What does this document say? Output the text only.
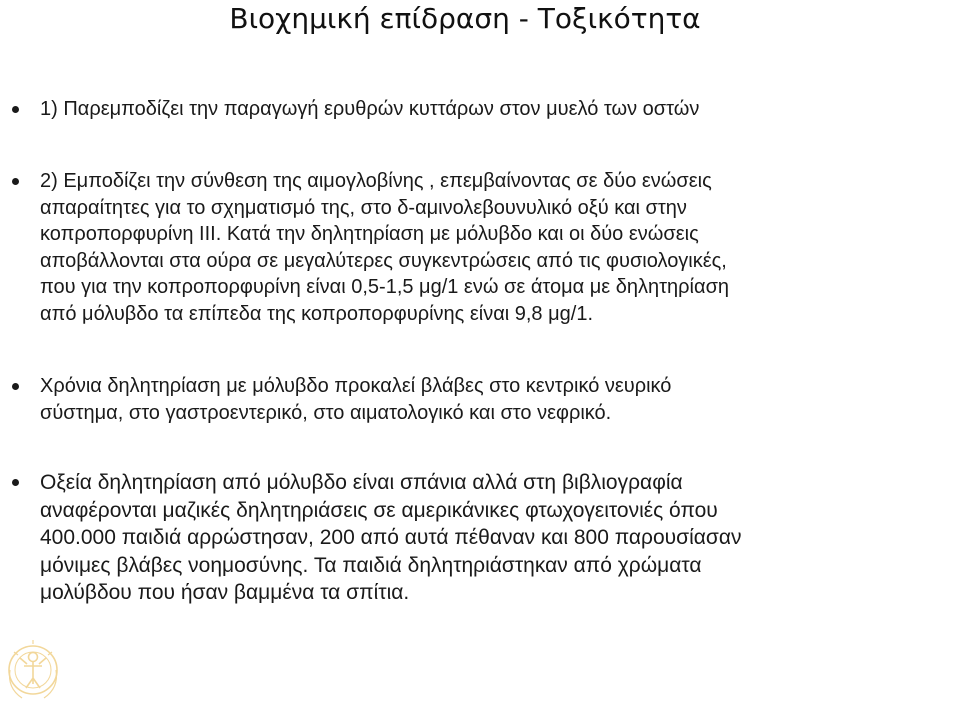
Βιοχημική επίδραση - Τοξικότητα
1) Παρεμποδίζει την παραγωγή ερυθρών κυττάρων στον μυελό των οστών
2) Εμποδίζει την σύνθεση της αιμογλοβίνης , επεμβαίνοντας σε δύο ενώσεις
απαραίτητες για το σχηματισμό της, στο δ-αμινολεβουνυλικό οξύ και στην
κοπροπορφυρίνη ΙΙΙ. Κατά την δηλητηρίαση με μόλυβδο και οι δύο ενώσεις
αποβάλλονται στα ούρα σε μεγαλύτερες συγκεντρώσεις από τις φυσιολογικές,
που για την κοπροπορφυρίνη είναι 0,5-1,5 μg/1 ενώ σε άτομα με δηλητηρίαση
από μόλυβδο τα επίπεδα της κοπροπορφυρίνης είναι 9,8 μg/1.
Χρόνια δηλητηρίαση με μόλυβδο προκαλεί βλάβες στο κεντρικό νευρικό
σύστημα, στο γαστροεντερικό, στο αιματολογικό και στο νεφρικό.
Οξεία δηλητηρίαση από μόλυβδο είναι σπάνια αλλά στη βιβλιογραφία
αναφέρονται μαζικές δηλητηριάσεις σε αμερικάνικες φτωχογειτονιές όπου
400.000 παιδιά αρρώστησαν, 200 από αυτά πέθαναν και 800 παρουσίασαν
μόνιμες βλάβες νοημοσύνης. Τα παιδιά δηλητηριάστηκαν από χρώματα
μολύβδου που ήσαν βαμμένα τα σπίτια.
